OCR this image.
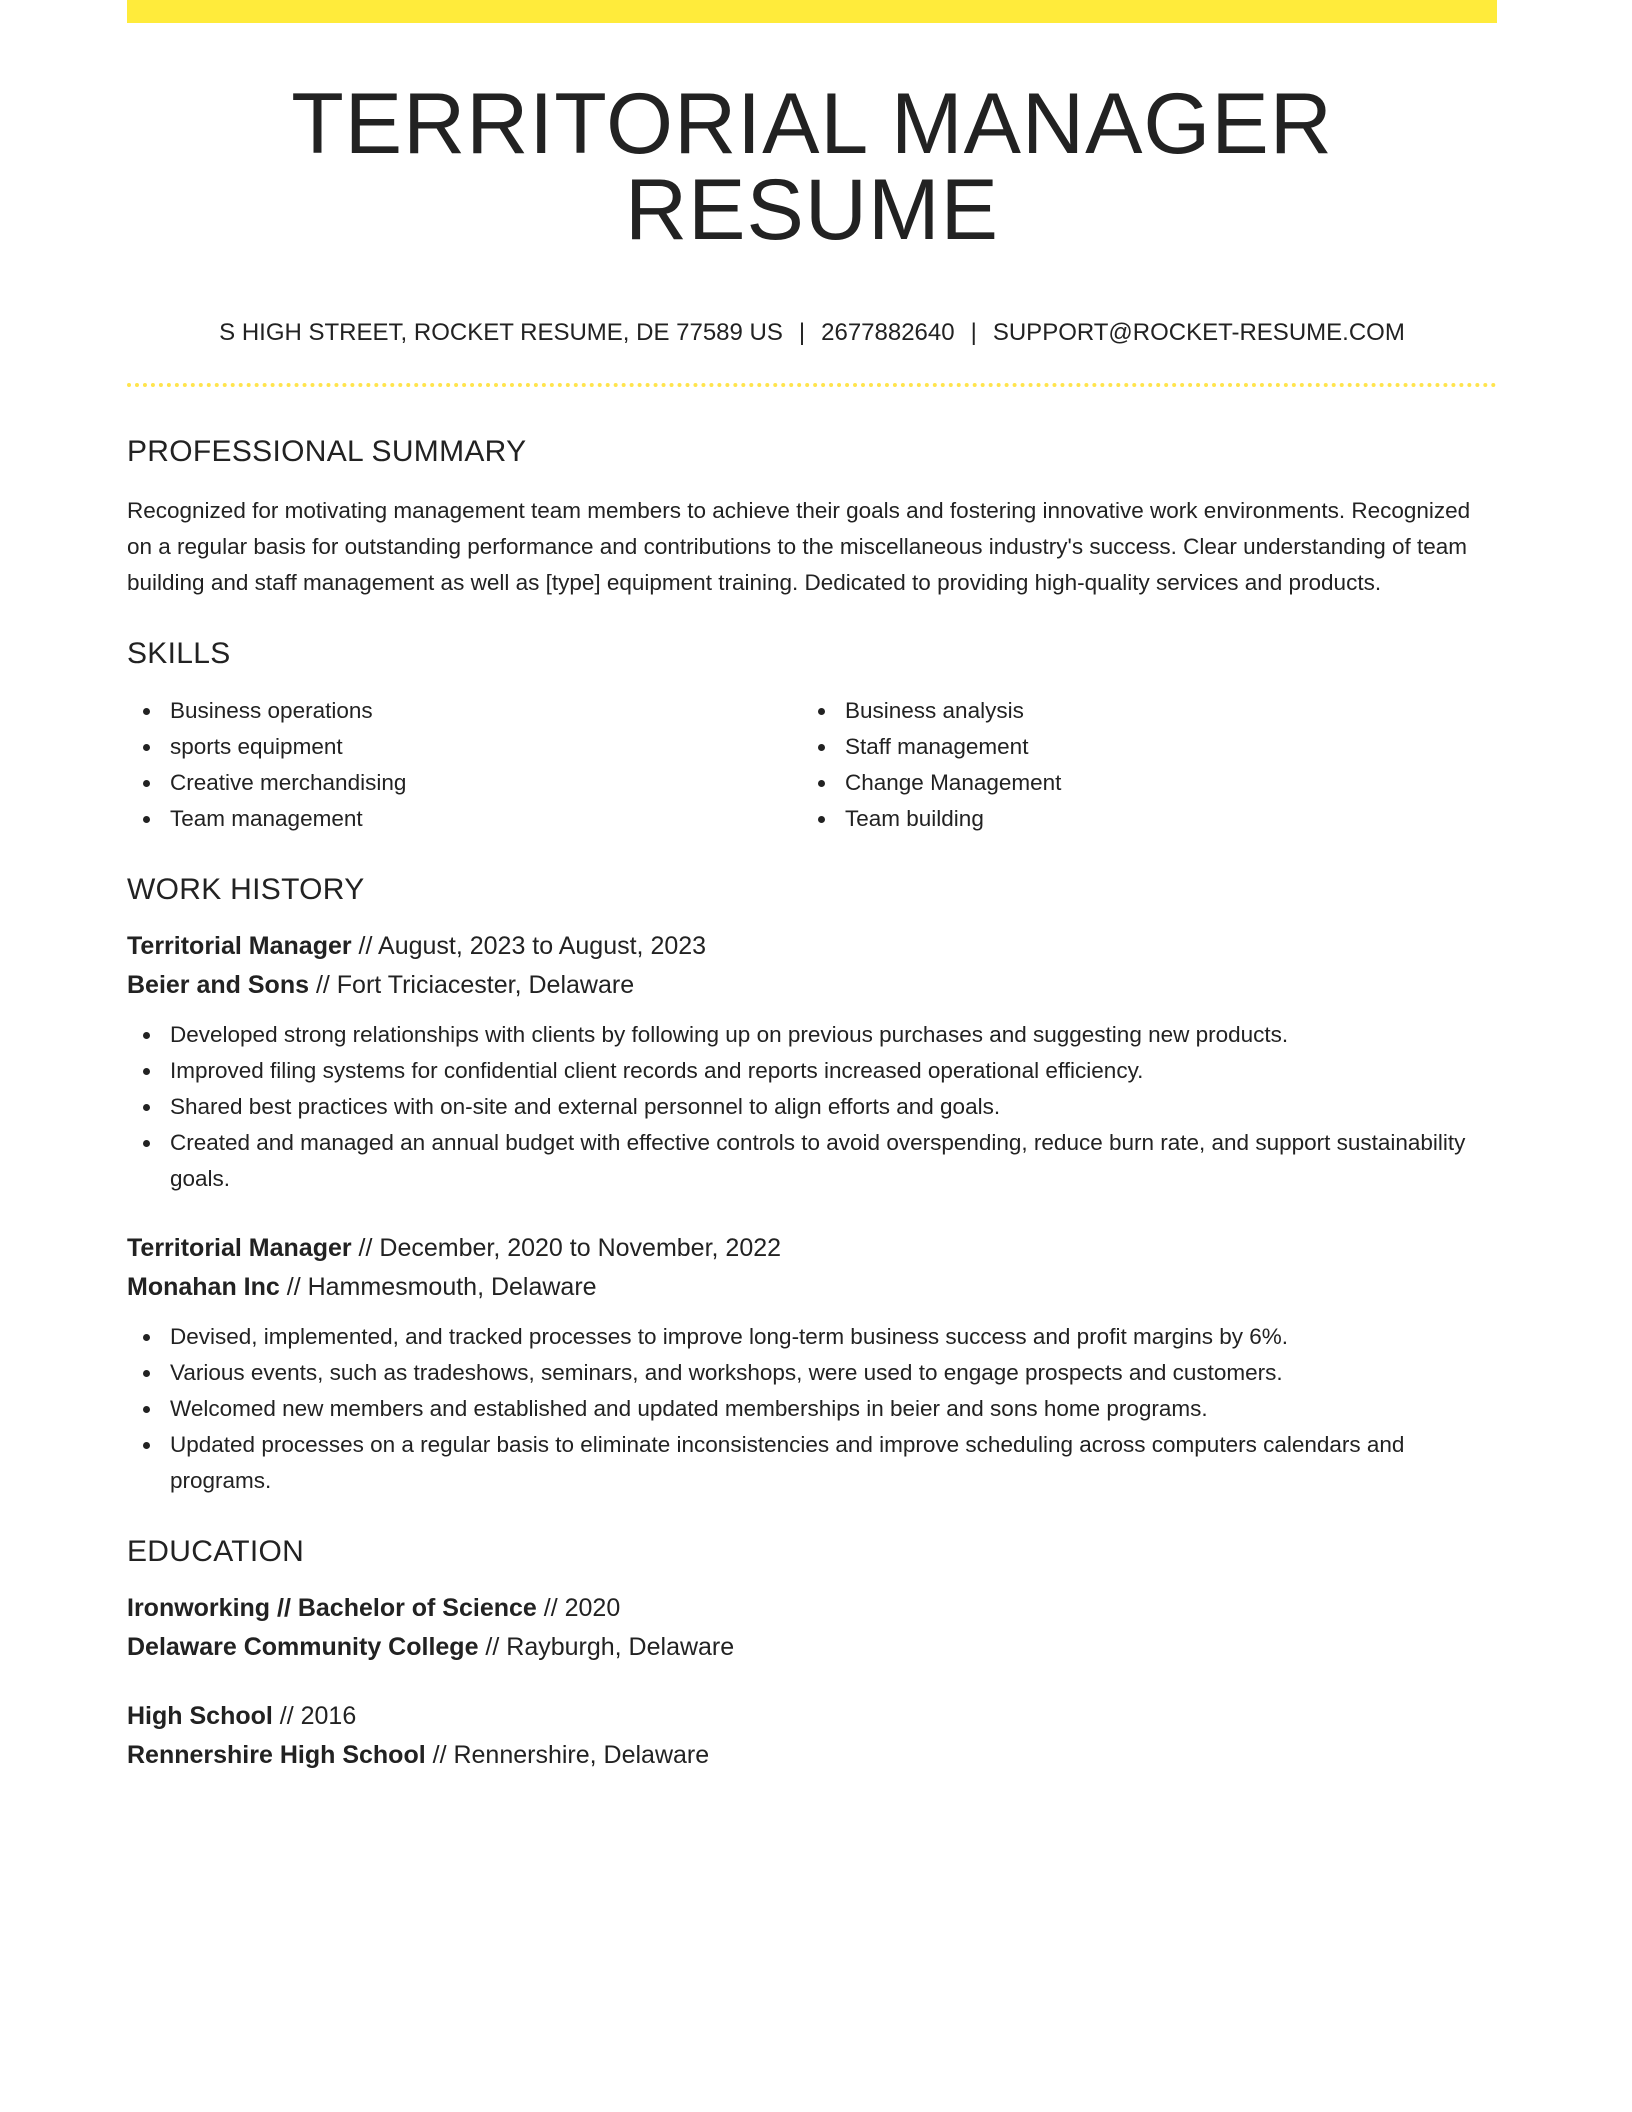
TERRITORIAL MANAGER RESUME
S HIGH STREET, ROCKET RESUME, DE 77589 US | 2677882640 | SUPPORT@ROCKET-RESUME.COM
PROFESSIONAL SUMMARY

Recognized for motivating management team members to achieve their goals and fostering innovative work environments. Recognized on a regular basis for outstanding performance and contributions to the miscellaneous industry's success. Clear understanding of team building and staff management as well as [type] equipment training. Dedicated to providing high-quality services and products.

SKILLS
Business operations
sports equipment
Creative merchandising
Team management
Business analysis
Staff management
Change Management
Team building
WORK HISTORY
Territorial Manager // August, 2023 to August, 2023
Beier and Sons // Fort Triciacester, Delaware
Developed strong relationships with clients by following up on previous purchases and suggesting new products.
Improved filing systems for confidential client records and reports increased operational efficiency.
Shared best practices with on-site and external personnel to align efforts and goals.
Created and managed an annual budget with effective controls to avoid overspending, reduce burn rate, and support sustainability goals.
Territorial Manager // December, 2020 to November, 2022
Monahan Inc // Hammesmouth, Delaware
Devised, implemented, and tracked processes to improve long-term business success and profit margins by 6%.
Various events, such as tradeshows, seminars, and workshops, were used to engage prospects and customers.
Welcomed new members and established and updated memberships in beier and sons home programs.
Updated processes on a regular basis to eliminate inconsistencies and improve scheduling across computers calendars and programs.
EDUCATION
Ironworking // Bachelor of Science // 2020
Delaware Community College // Rayburgh, Delaware
High School // 2016
Rennershire High School // Rennershire, Delaware
